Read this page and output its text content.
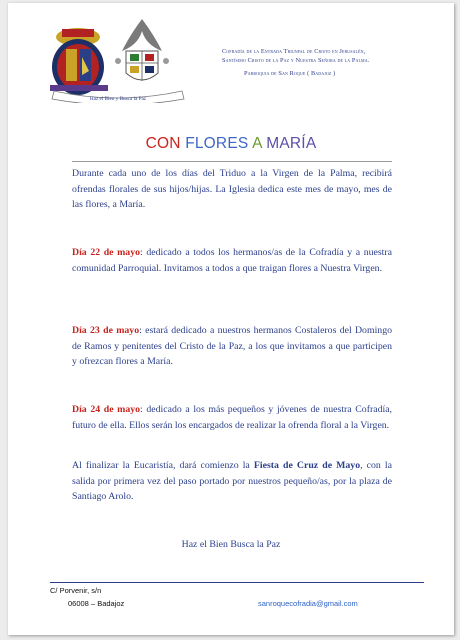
Haz el Bien y Busca la Paz
Cofradía de la Entrada Triunfal de Cristo en Jerusalén,
Santísimo Cristo de la Paz y Nuestra Señora de la Palma.
Parroquia de San Roque ( Badajoz )
CON FLORES A MARÍA
Durante cada uno de los días del Triduo a la Virgen de la Palma, recibirá ofrendas florales de sus hijos/hijas. La Iglesia dedica este mes de mayo, mes de las flores, a María.
Día 22 de mayo: dedicado a todos los hermanos/as de la Cofradía y a nuestra comunidad Parroquial. Invitamos a todos a que traigan flores a Nuestra Virgen.
Día 23 de mayo: estará dedicado a nuestros hermanos Costaleros del Domingo de Ramos y penitentes del Cristo de la Paz, a los que invitamos a que participen y ofrezcan flores a María.
Día 24 de mayo: dedicado a los más pequeños y jóvenes de nuestra Cofradía, futuro de ella. Ellos serán los encargados de realizar la ofrenda floral a la Virgen.
Al finalizar la Eucaristía, dará comienzo la Fiesta de Cruz de Mayo, con la salida por primera vez del paso portado por nuestros pequeño/as, por la plaza de Santiago Arolo.
Haz el Bien Busca la Paz
C/ Porvenir, s/n
06008 – Badajoz	sanroquecofradia@gmail.com
